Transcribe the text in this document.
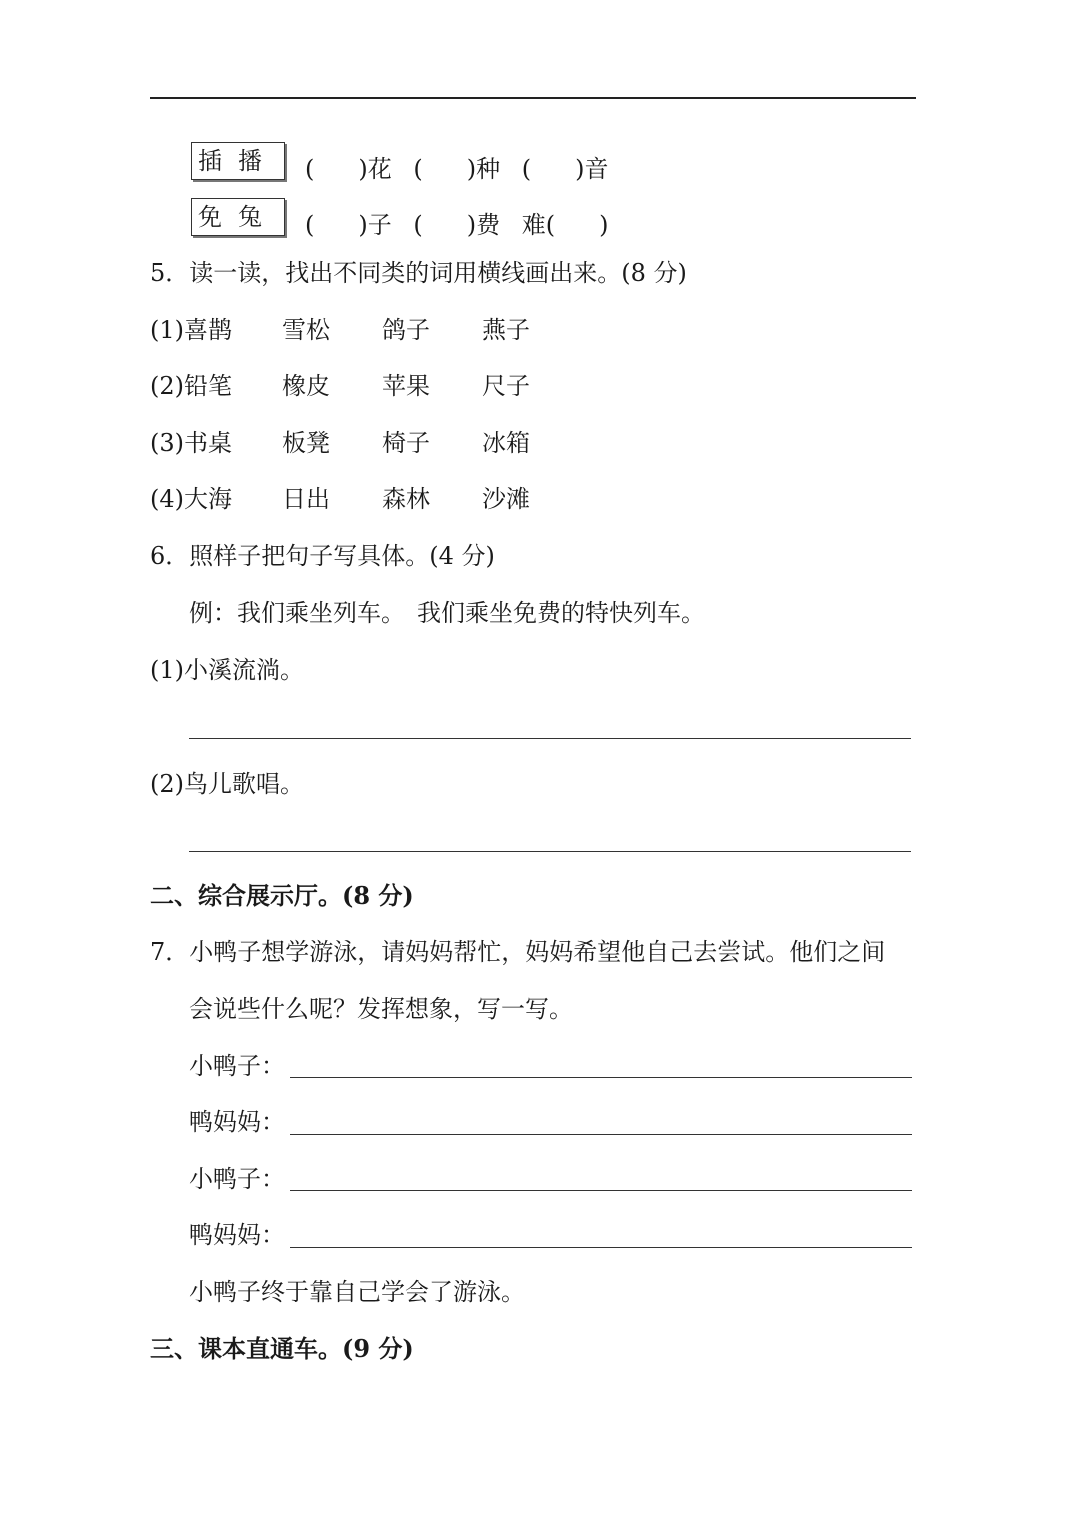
插 播	( )花 ( )种 ( )音
免 兔	( )子 ( )费 难( )
5．读一读，找出不同类的词用横线画出来。(8 分)
(1)喜鹊 雪松 鸽子 燕子
(2)铅笔 橡皮 苹果 尺子
(3)书桌 板凳 椅子 冰箱
(4)大海 日出 森林 沙滩
6．照样子把句子写具体。(4 分)
例：我们乘坐列车。　我们乘坐免费的特快列车。
(1)小溪流淌。
(2)鸟儿歌唱。
二、综合展示厅。(8 分)
7．小鸭子想学游泳，请妈妈帮忙，妈妈希望他自己去尝试。他们之间
会说些什么呢？发挥想象，写一写。
小鸭子：
鸭妈妈：
小鸭子：
鸭妈妈：
小鸭子终于靠自己学会了游泳。
三、课本直通车。(9 分)
